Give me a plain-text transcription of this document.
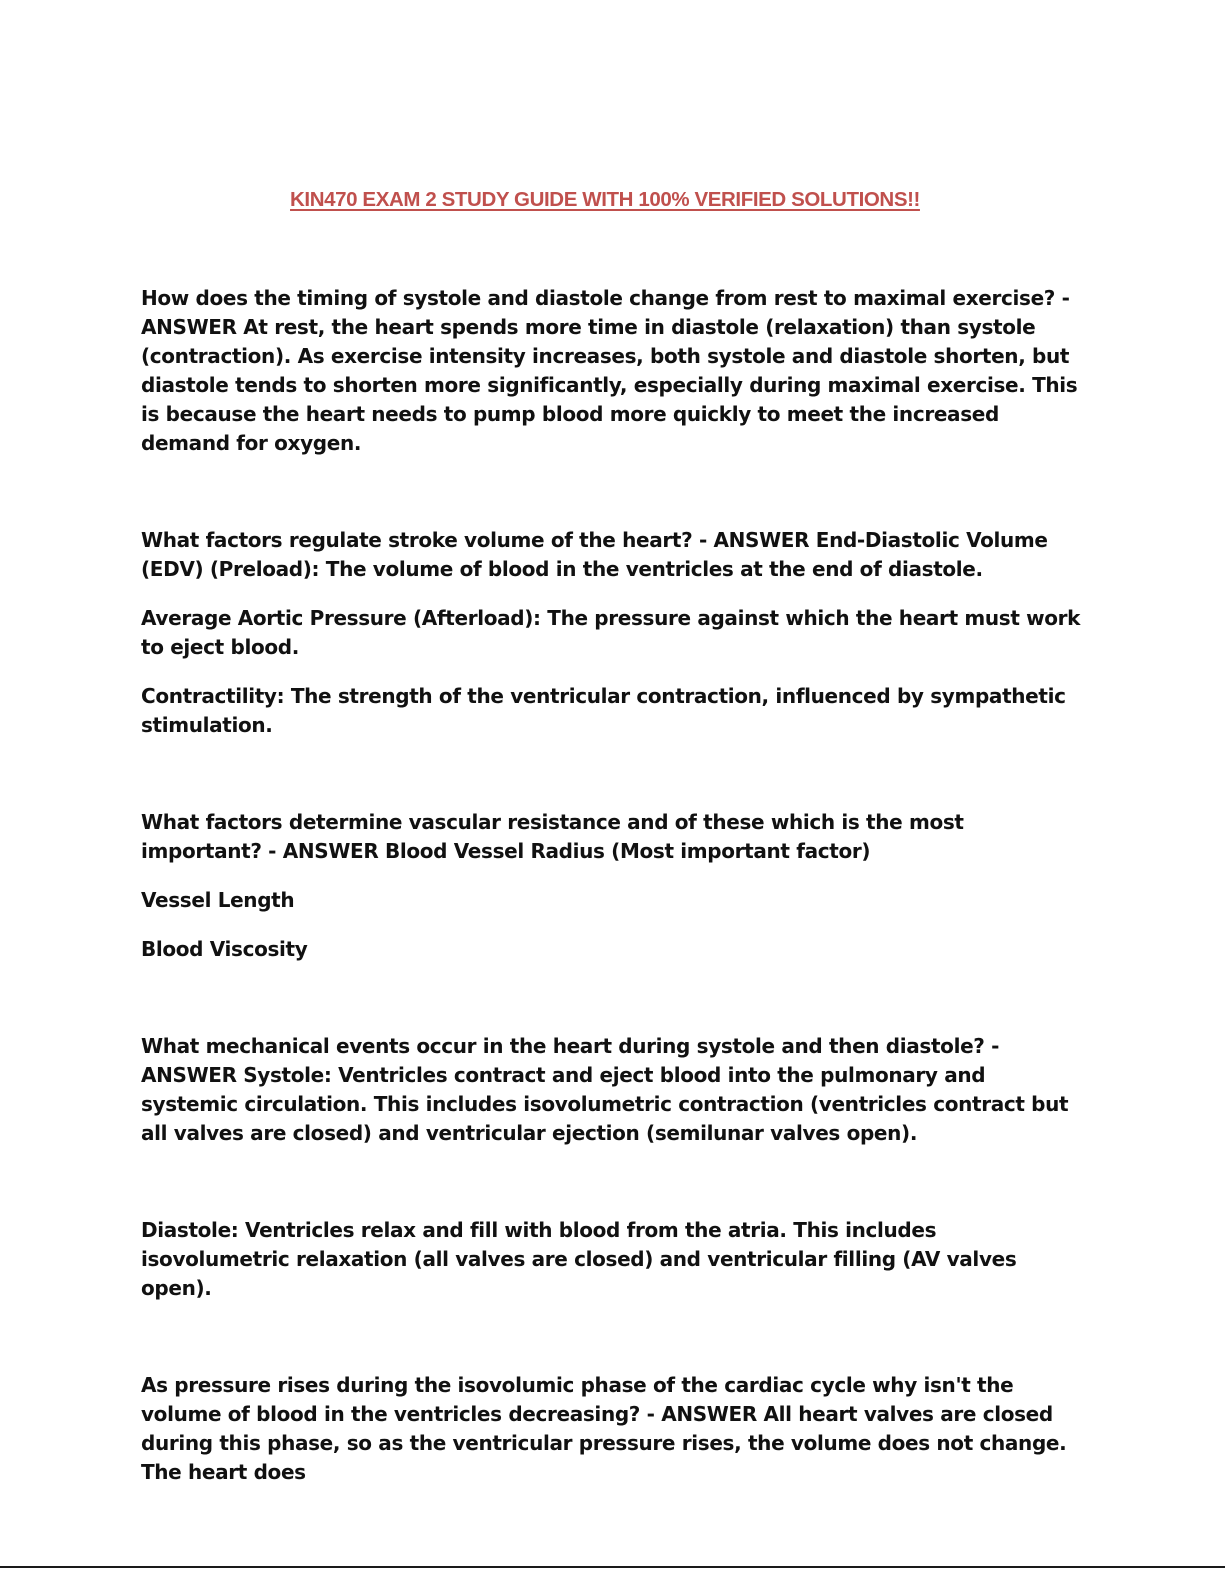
KIN470 EXAM 2 STUDY GUIDE WITH 100% VERIFIED SOLUTIONS!!

How does the timing of systole and diastole change from rest to maximal exercise? - ANSWER At rest, the heart spends more time in diastole (relaxation) than systole (contraction). As exercise intensity increases, both systole and diastole shorten, but diastole tends to shorten more significantly, especially during maximal exercise. This is because the heart needs to pump blood more quickly to meet the increased demand for oxygen.

What factors regulate stroke volume of the heart? - ANSWER End-Diastolic Volume (EDV) (Preload): The volume of blood in the ventricles at the end of diastole.

Average Aortic Pressure (Afterload): The pressure against which the heart must work to eject blood.

Contractility: The strength of the ventricular contraction, influenced by sympathetic stimulation.

What factors determine vascular resistance and of these which is the most important? - ANSWER Blood Vessel Radius (Most important factor)

Vessel Length

Blood Viscosity

What mechanical events occur in the heart during systole and then diastole? - ANSWER Systole: Ventricles contract and eject blood into the pulmonary and systemic circulation. This includes isovolumetric contraction (ventricles contract but all valves are closed) and ventricular ejection (semilunar valves open).

Diastole: Ventricles relax and fill with blood from the atria. This includes isovolumetric relaxation (all valves are closed) and ventricular filling (AV valves open).

As pressure rises during the isovolumic phase of the cardiac cycle why isn't the volume of blood in the ventricles decreasing? - ANSWER All heart valves are closed during this phase, so as the ventricular pressure rises, the volume does not change. The heart does
